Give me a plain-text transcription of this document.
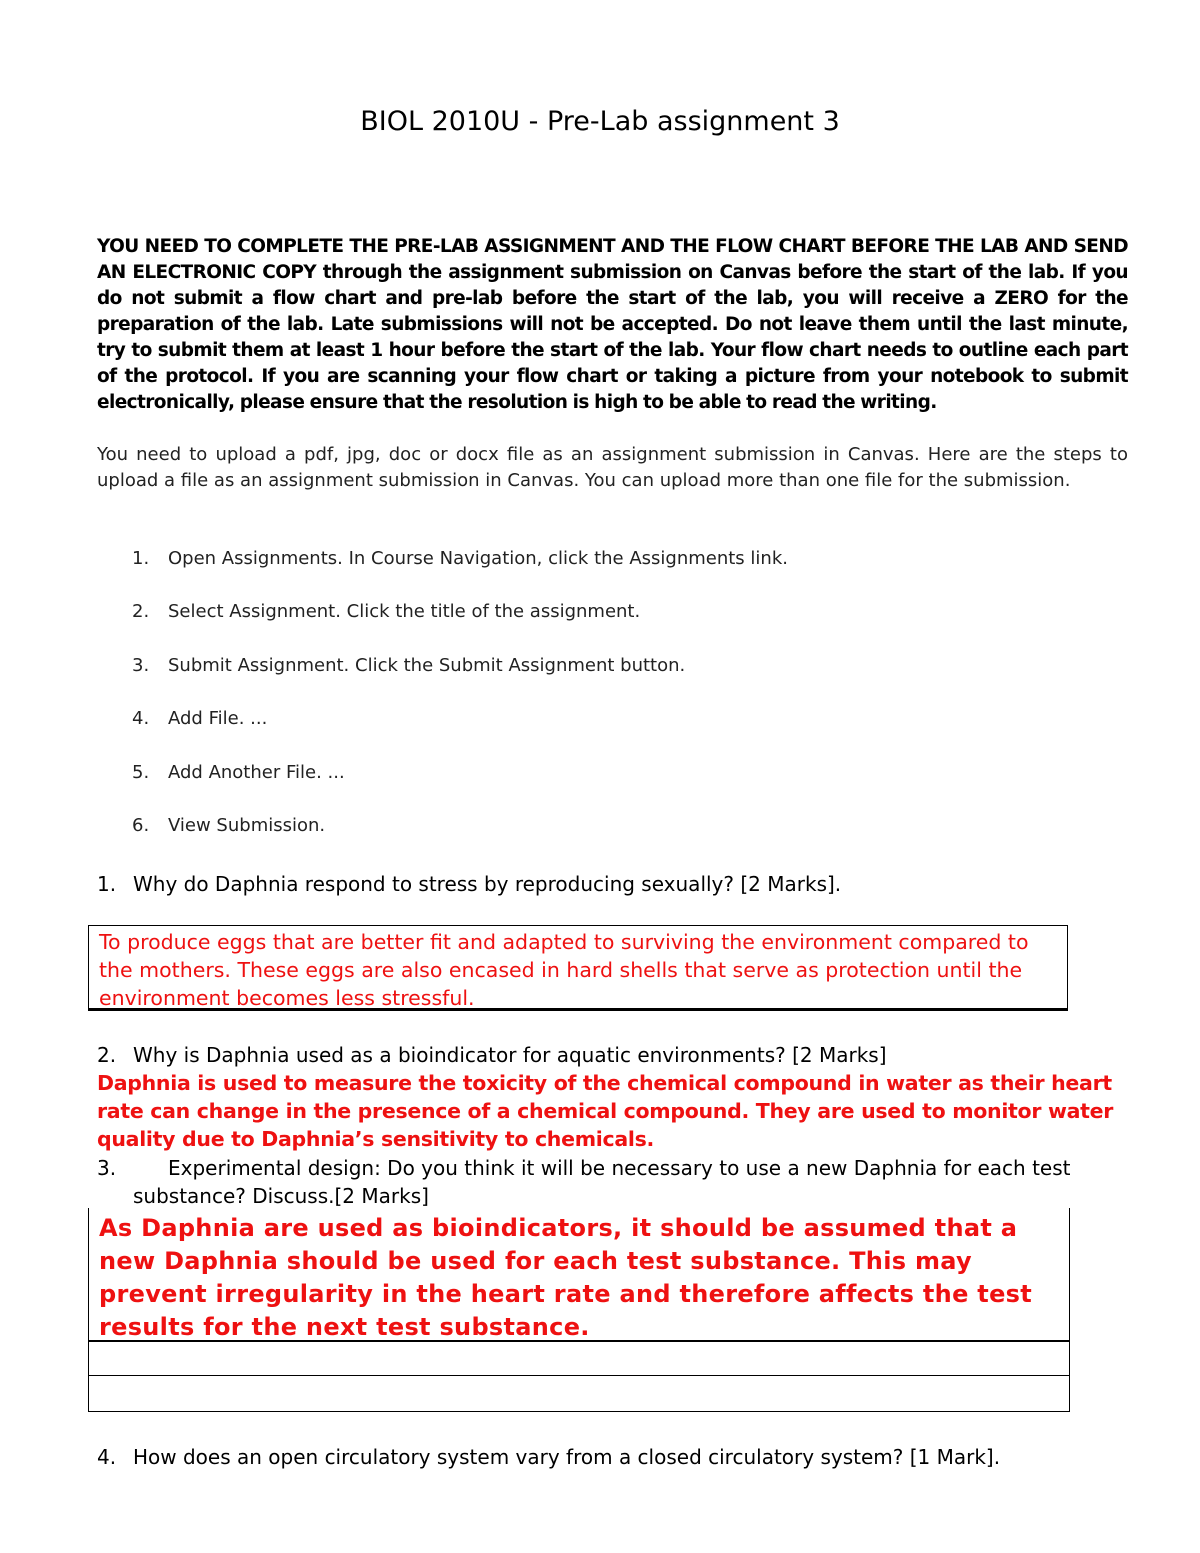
BIOL 2010U - Pre-Lab assignment 3
YOU NEED TO COMPLETE THE PRE-LAB ASSIGNMENT AND THE FLOW CHART BEFORE THE LAB AND SEND AN ELECTRONIC COPY through the assignment submission on Canvas before the start of the lab. If you do not submit a flow chart and pre-lab before the start of the lab, you will receive a ZERO for the preparation of the lab. Late submissions will not be accepted. Do not leave them until the last minute, try to submit them at least 1 hour before the start of the lab. Your flow chart needs to outline each part of the protocol. If you are scanning your flow chart or taking a picture from your notebook to submit electronically, please ensure that the resolution is high to be able to read the writing.
You need to upload a pdf, jpg, doc or docx file as an assignment submission in Canvas. Here are the steps to upload a file as an assignment submission in Canvas. You can upload more than one file for the submission.
1.	Open Assignments. In Course Navigation, click the Assignments link.
2.	Select Assignment. Click the title of the assignment.
3.	Submit Assignment. Click the Submit Assignment button.
4.	Add File. ...
5.	Add Another File. ...
6.	View Submission.
1. Why do Daphnia respond to stress by reproducing sexually? [2 Marks].
To produce eggs that are better fit and adapted to surviving the environment compared to the mothers. These eggs are also encased in hard shells that serve as protection until the environment becomes less stressful.
2. Why is Daphnia used as a bioindicator for aquatic environments? [2 Marks]
Daphnia is used to measure the toxicity of the chemical compound in water as their heart rate can change in the presence of a chemical compound. They are used to monitor water quality due to Daphnia’s sensitivity to chemicals.
3.	Experimental design: Do you think it will be necessary to use a new Daphnia for each test
substance? Discuss.[2 Marks]
As Daphnia are used as bioindicators, it should be assumed that a new Daphnia should be used for each test substance. This may prevent irregularity in the heart rate and therefore affects the test results for the next test substance.
4. How does an open circulatory system vary from a closed circulatory system? [1 Mark].
